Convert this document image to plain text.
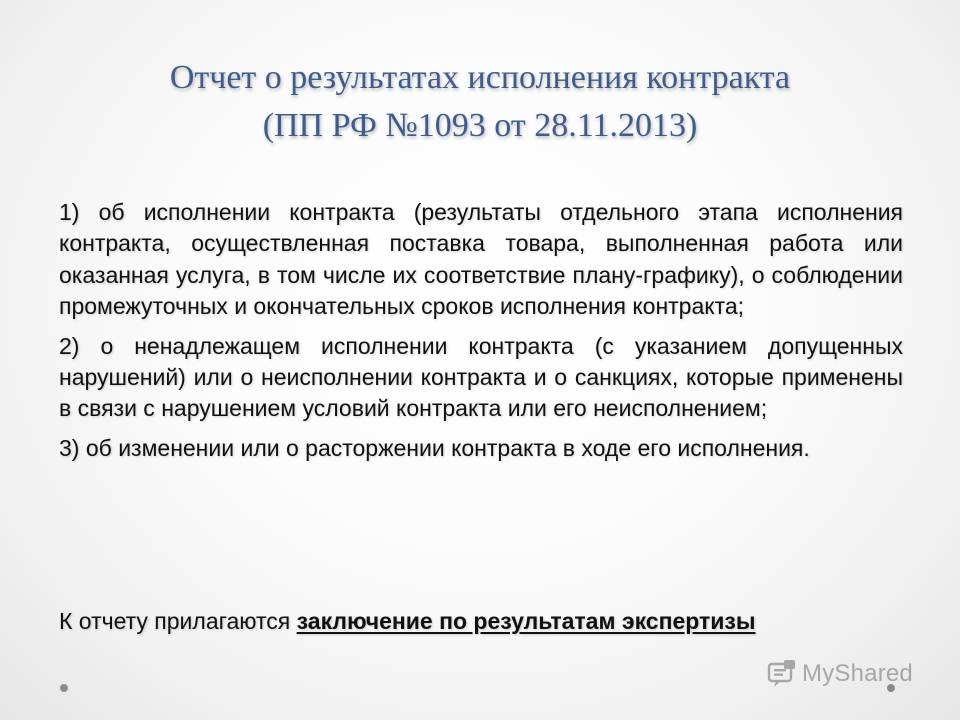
Отчет о результатах исполнения контракта
(ПП РФ №1093 от 28.11.2013)

1) об исполнении контракта (результаты отдельного этапа исполнения контракта, осуществленная поставка товара, выполненная работа или оказанная услуга, в том числе их соответствие плану-графику), о соблюдении промежуточных и окончательных сроков исполнения контракта;

2) о ненадлежащем исполнении контракта (с указанием допущенных нарушений) или о неисполнении контракта и о санкциях, которые применены в связи с нарушением условий контракта или его неисполнением;

3) об изменении или о расторжении контракта в ходе его исполнения.

К отчету прилагаются заключение по результатам экспертизы
MyShared
